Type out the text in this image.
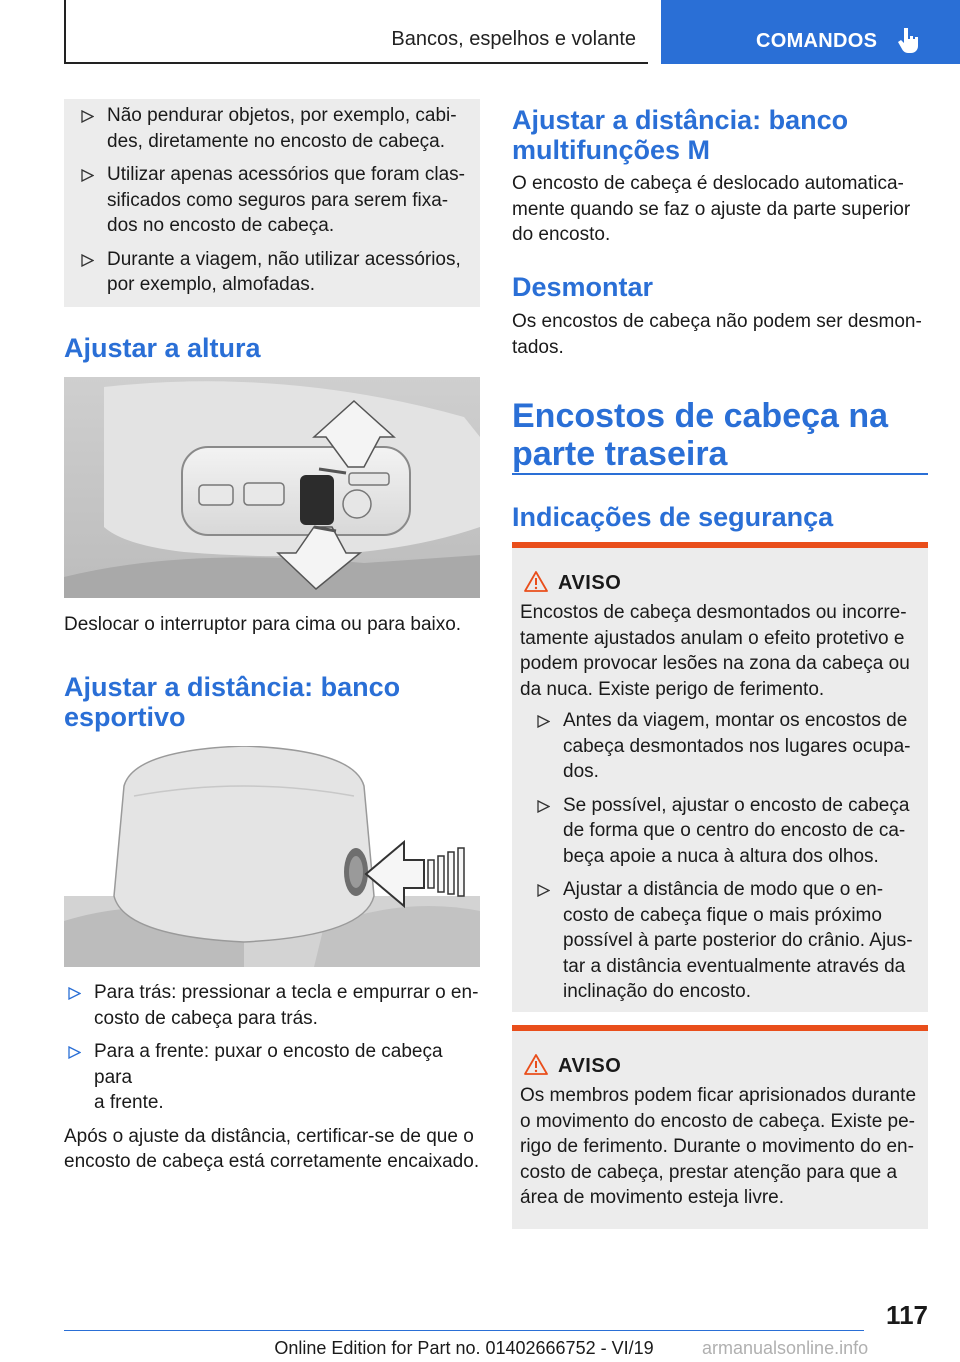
Bancos, espelhos e volante	COMANDOS
Não pendurar objetos, por exemplo, cabi-
des, diretamente no encosto de cabeça.
Utilizar apenas acessórios que foram clas-
sificados como seguros para serem fixa-
dos no encosto de cabeça.
Durante a viagem, não utilizar acessórios,
por exemplo, almofadas.
Ajustar a altura
Deslocar o interruptor para cima ou para baixo.
Ajustar a distância: banco
esportivo
Para trás: pressionar a tecla e empurrar o en-
costo de cabeça para trás.
Para a frente: puxar o encosto de cabeça para
a frente.
Após o ajuste da distância, certificar-se de que o
encosto de cabeça está corretamente encaixado.
Ajustar a distância: banco
multifunções M
O encosto de cabeça é deslocado automatica-
mente quando se faz o ajuste da parte superior
do encosto.
Desmontar
Os encostos de cabeça não podem ser desmon-
tados.
Encostos de cabeça na
parte traseira
Indicações de segurança
AVISO
Encostos de cabeça desmontados ou incorre-
tamente ajustados anulam o efeito protetivo e
podem provocar lesões na zona da cabeça ou
da nuca. Existe perigo de ferimento.
Antes da viagem, montar os encostos de
cabeça desmontados nos lugares ocupa-
dos.
Se possível, ajustar o encosto de cabeça
de forma que o centro do encosto de ca-
beça apoie a nuca à altura dos olhos.
Ajustar a distância de modo que o en-
costo de cabeça fique o mais próximo
possível à parte posterior do crânio. Ajus-
tar a distância eventualmente através da
inclinação do encosto.
AVISO
Os membros podem ficar aprisionados durante
o movimento do encosto de cabeça. Existe pe-
rigo de ferimento. Durante o movimento do en-
costo de cabeça, prestar atenção para que a
área de movimento esteja livre.
117
Online Edition for Part no. 01402666752 - VI/19	armanualsonline.info
